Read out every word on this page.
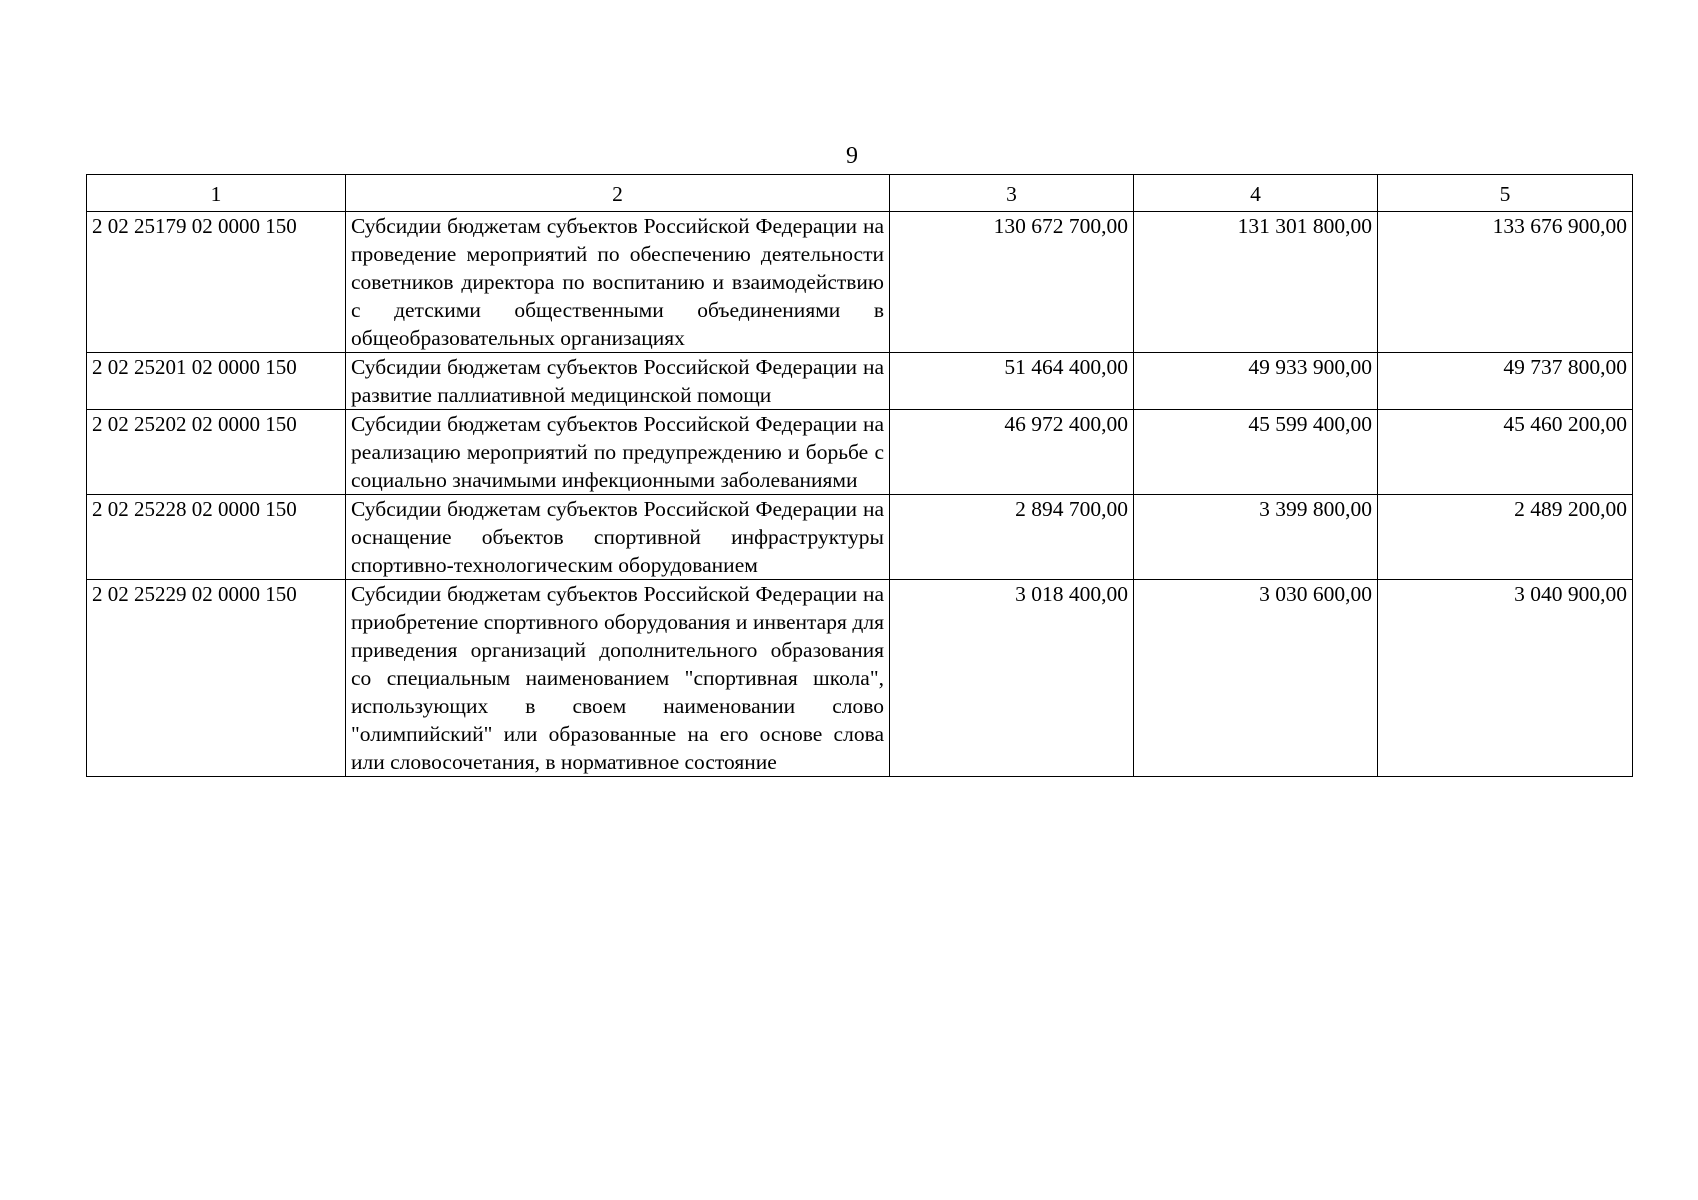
9
1	2	3	4	5
2 02 25179 02 0000 150	Субсидии бюджетам субъектов Российской Федерации на проведение мероприятий по обеспечению деятельности советников директора по воспитанию и взаимодействию с детскими общественными объединениями в общеобразовательных организациях	130 672 700,00	131 301 800,00	133 676 900,00
2 02 25201 02 0000 150	Субсидии бюджетам субъектов Российской Федерации на развитие паллиативной медицинской помощи	51 464 400,00	49 933 900,00	49 737 800,00
2 02 25202 02 0000 150	Субсидии бюджетам субъектов Российской Федерации на реализацию мероприятий по предупреждению и борьбе с социально значимыми инфекционными заболеваниями	46 972 400,00	45 599 400,00	45 460 200,00
2 02 25228 02 0000 150	Субсидии бюджетам субъектов Российской Федерации на оснащение объектов спортивной инфраструктуры спортивно-технологическим оборудованием	2 894 700,00	3 399 800,00	2 489 200,00
2 02 25229 02 0000 150	Субсидии бюджетам субъектов Российской Федерации на приобретение спортивного оборудования и инвентаря для приведения организаций дополнительного образования со специальным наименованием "спортивная школа", использующих в своем наименовании слово "олимпийский" или образованные на его основе слова или словосочетания, в нормативное состояние	3 018 400,00	3 030 600,00	3 040 900,00
